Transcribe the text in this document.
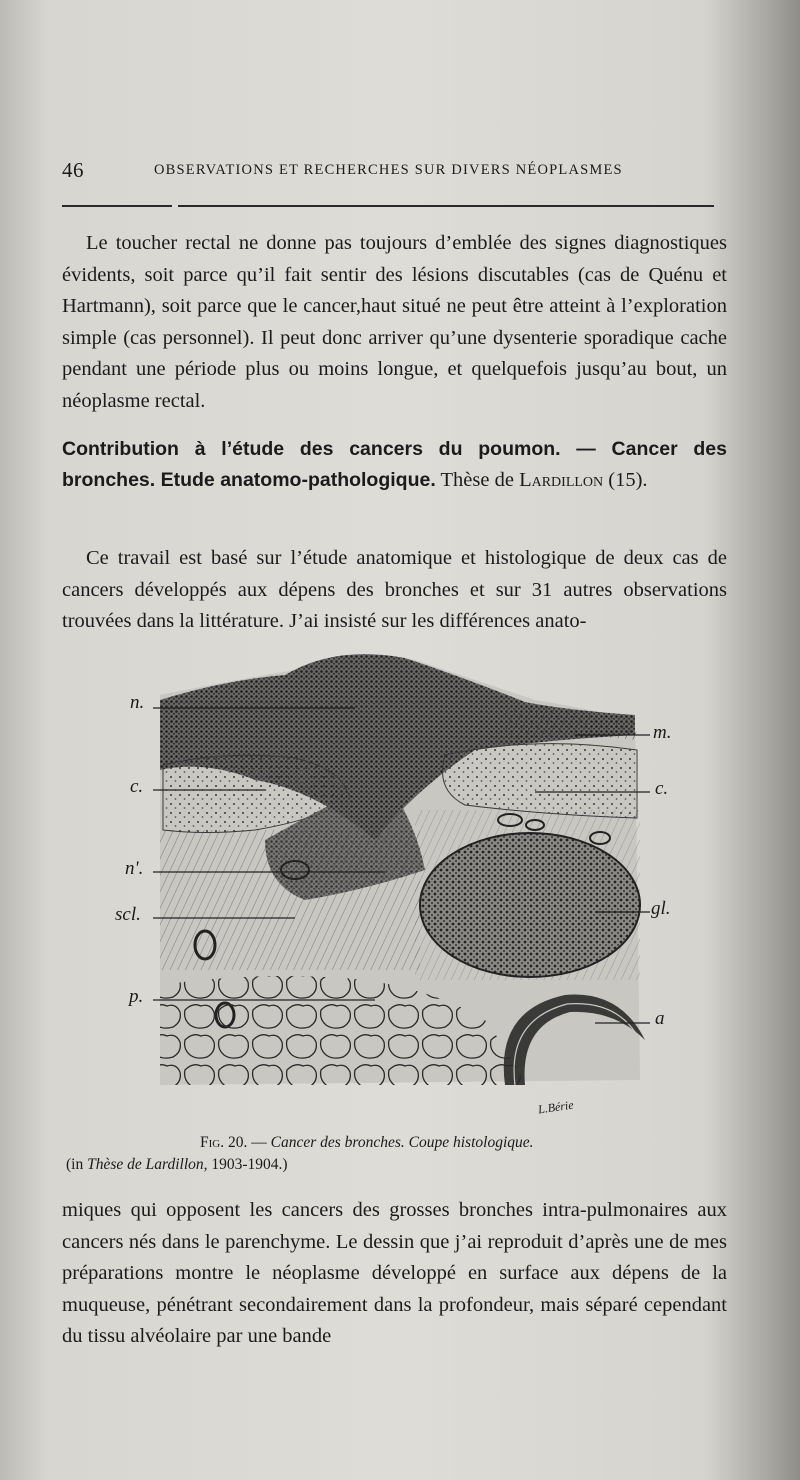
46	OBSERVATIONS ET RECHERCHES SUR DIVERS NÉOPLASMES

Le toucher rectal ne donne pas toujours d’emblée des signes diagnostiques évidents, soit parce qu’il fait sentir des lésions discutables (cas de Quénu et Hartmann), soit parce que le cancer,haut situé ne peut être atteint à l’exploration simple (cas personnel). Il peut donc arriver qu’une dysenterie sporadique cache pendant une période plus ou moins longue, et quelquefois jusqu’au bout, un néoplasme rectal.

Contribution à l’étude des cancers du poumon. — Cancer des bronches. Etude anatomo-pathologique. Thèse de Lardillon (15).

Ce travail est basé sur l’étude anatomique et histologique de deux cas de cancers développés aux dépens des bronches et sur 31 autres observations trouvées dans la littérature. J’ai insisté sur les différences anato-

n.
c.
n'.
scl.
p.
m.
c.
gl.
a
L.Bérie
Fig. 20. — Cancer des bronches. Coupe histologique.
(in Thèse de Lardillon, 1903-1904.)

miques qui opposent les cancers des grosses bronches intra-pulmonaires aux cancers nés dans le parenchyme. Le dessin que j’ai reproduit d’après une de mes préparations montre le néoplasme développé en surface aux dépens de la muqueuse, pénétrant secondairement dans la profondeur, mais séparé cependant du tissu alvéolaire par une bande
